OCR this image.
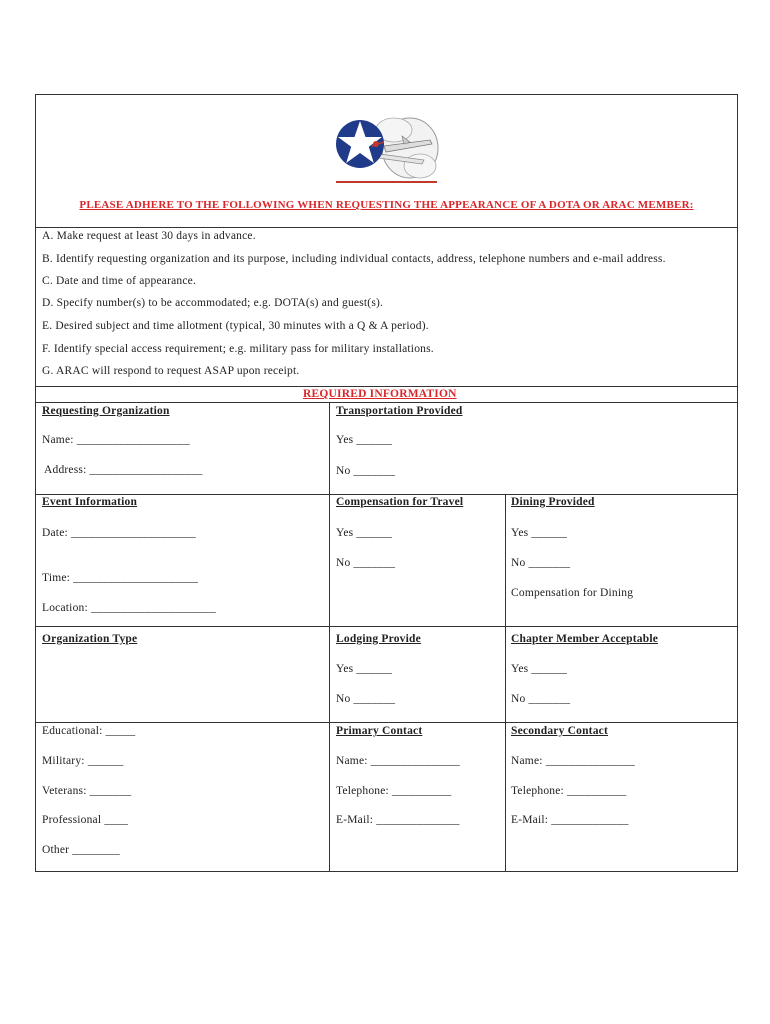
PLEASE ADHERE TO THE FOLLOWING WHEN REQUESTING THE APPEARANCE OF A DOTA OR ARAC MEMBER:
A. Make request at least 30 days in advance.
B. Identify requesting organization and its purpose, including individual contacts, address, telephone numbers and e-mail address.
C. Date and time of appearance.
D. Specify number(s) to be accommodated; e.g. DOTA(s) and guest(s).
E. Desired subject and time allotment (typical, 30 minutes with a Q & A period).
F. Identify special access requirement; e.g. military pass for military installations.
G. ARAC will respond to request ASAP upon receipt.
REQUIRED INFORMATION
Requesting Organization
Name: ___________________
Address: ___________________
Transportation Provided
Yes ______
No _______
Event Information
Date: _____________________
Time: _____________________
Location: _____________________
Compensation for Travel
Yes ______
No _______
Dining Provided
Yes ______
No _______
Compensation for Dining
Organization Type	Lodging Provide
Yes ______
No _______
Chapter Member Acceptable
Yes ______
No _______
Educational: _____
Military: ______
Veterans: _______
Professional ____
Other ________
Primary Contact
Name: _______________
Telephone: __________
E-Mail: ______________
Secondary Contact
Name: _______________
Telephone: __________
E-Mail: _____________
